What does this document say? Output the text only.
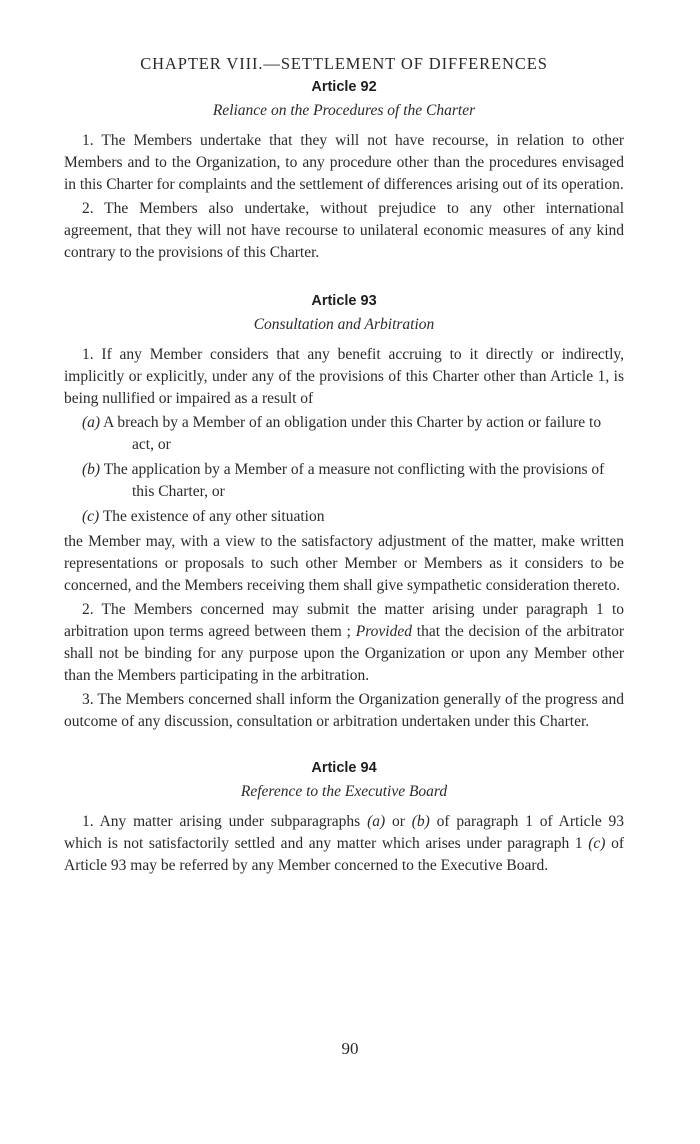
CHAPTER VIII.—SETTLEMENT OF DIFFERENCES

Article 92

Reliance on the Procedures of the Charter

1. The Members undertake that they will not have recourse, in relation to other Members and to the Organization, to any procedure other than the procedures envisaged in this Charter for complaints and the settlement of differences arising out of its operation.

2. The Members also undertake, without prejudice to any other international agreement, that they will not have recourse to unilateral economic measures of any kind contrary to the provisions of this Charter.

Article 93

Consultation and Arbitration

1. If any Member considers that any benefit accruing to it directly or indirectly, implicitly or explicitly, under any of the provisions of this Charter other than Article 1, is being nullified or impaired as a result of

(a) A breach by a Member of an obligation under this Charter by action or failure to act, or

(b) The application by a Member of a measure not conflicting with the provisions of this Charter, or

(c) The existence of any other situation

the Member may, with a view to the satisfactory adjustment of the matter, make written representations or proposals to such other Member or Members as it considers to be concerned, and the Members receiving them shall give sympathetic consideration thereto.

2. The Members concerned may submit the matter arising under paragraph 1 to arbitration upon terms agreed between them ; Provided that the decision of the arbitrator shall not be binding for any purpose upon the Organization or upon any Member other than the Members participating in the arbitration.

3. The Members concerned shall inform the Organization generally of the progress and outcome of any discussion, consultation or arbitration undertaken under this Charter.

Article 94

Reference to the Executive Board

1. Any matter arising under subparagraphs (a) or (b) of paragraph 1 of Article 93 which is not satisfactorily settled and any matter which arises under paragraph 1 (c) of Article 93 may be referred by any Member concerned to the Executive Board.

90
